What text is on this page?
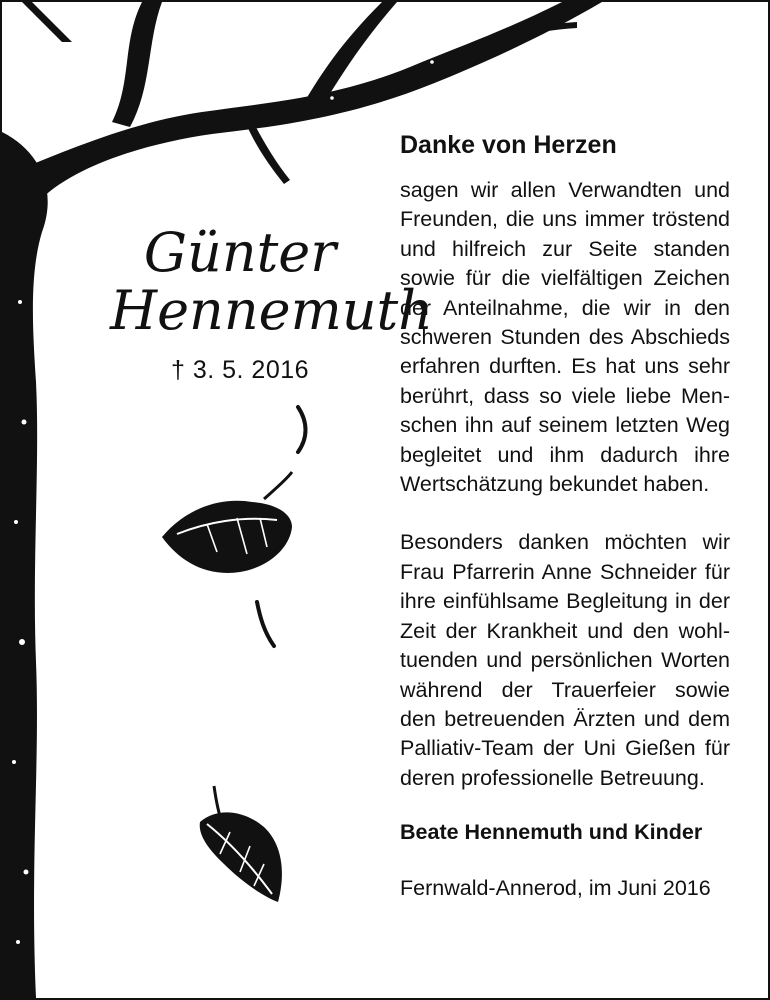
Günter
Hennemuth
† 3. 5. 2016

Danke von Herzen

sagen wir allen Verwandten und Freunden, die uns immer tröstend und hilfreich zur Seite standen sowie für die vielfältigen Zeichen der Anteilnahme, die wir in den schweren Stunden des Abschieds erfahren durften. Es hat uns sehr berührt, dass so viele liebe Menschen ihn auf seinem letzten Weg begleitet und ihm dadurch ihre Wertschätzung bekundet haben.

Besonders danken möchten wir Frau Pfarrerin Anne Schneider für ihre einfühlsame Begleitung in der Zeit der Krankheit und den wohltuenden und persönlichen Worten während der Trauerfeier sowie den betreuenden Ärzten und dem Palliativ-Team der Uni Gießen für deren professionelle Betreuung.

Beate Hennemuth und Kinder

Fernwald-Annerod, im Juni 2016
